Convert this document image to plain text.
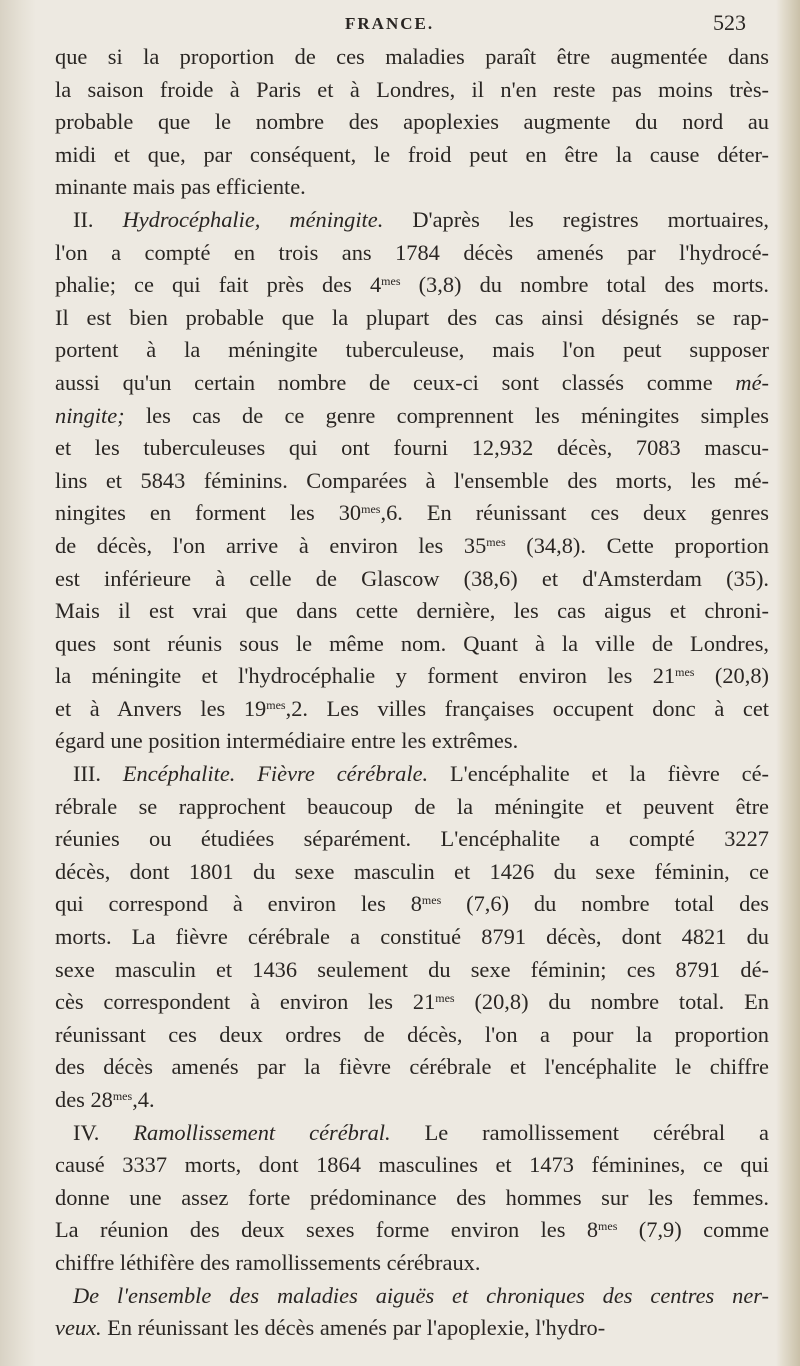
FRANCE.	523
que si la proportion de ces maladies paraît être augmentée dans
la saison froide à Paris et à Londres, il n'en reste pas moins très-
probable que le nombre des apoplexies augmente du nord au
midi et que, par conséquent, le froid peut en être la cause déter-
minante mais pas efficiente.
II. Hydrocéphalie, méningite. D'après les registres mortuaires,
l'on a compté en trois ans 1784 décès amenés par l'hydrocé-
phalie; ce qui fait près des $4^{mes}$ (3,8) du nombre total des morts.
Il est bien probable que la plupart des cas ainsi désignés se rap-
portent à la méningite tuberculeuse, mais l'on peut supposer
aussi qu'un certain nombre de ceux-ci sont classés comme mé-
ningite; les cas de ce genre comprennent les méningites simples
et les tuberculeuses qui ont fourni 12,932 décès, 7083 mascu-
lins et 5843 féminins. Comparées à l'ensemble des morts, les mé-
ningites en forment les $30^{mes},6$. En réunissant ces deux genres
de décès, l'on arrive à environ les $35^{mes}$ (34,8). Cette proportion
est inférieure à celle de Glascow (38,6) et d'Amsterdam (35).
Mais il est vrai que dans cette dernière, les cas aigus et chroni-
ques sont réunis sous le même nom. Quant à la ville de Londres,
la méningite et l'hydrocéphalie y forment environ les $21^{mes}$ (20,8)
et à Anvers les $19^{mes},2$. Les villes françaises occupent donc à cet
égard une position intermédiaire entre les extrêmes.
III. Encéphalite. Fièvre cérébrale. L'encéphalite et la fièvre cé-
rébrale se rapprochent beaucoup de la méningite et peuvent être
réunies ou étudiées séparément. L'encéphalite a compté 3227
décès, dont 1801 du sexe masculin et 1426 du sexe féminin, ce
qui correspond à environ les $8^{mes}$ (7,6) du nombre total des
morts. La fièvre cérébrale a constitué 8791 décès, dont 4821 du
sexe masculin et 1436 seulement du sexe féminin; ces 8791 dé-
cès correspondent à environ les $21^{mes}$ (20,8) du nombre total. En
réunissant ces deux ordres de décès, l'on a pour la proportion
des décès amenés par la fièvre cérébrale et l'encéphalite le chiffre
des $28^{mes},4$.
IV. Ramollissement cérébral. Le ramollissement cérébral a
causé 3337 morts, dont 1864 masculines et 1473 féminines, ce qui
donne une assez forte prédominance des hommes sur les femmes.
La réunion des deux sexes forme environ les $8^{mes}$ (7,9) comme
chiffre léthifère des ramollissements cérébraux.
De l'ensemble des maladies aiguës et chroniques des centres ner-
veux. En réunissant les décès amenés par l'apoplexie, l'hydro-
